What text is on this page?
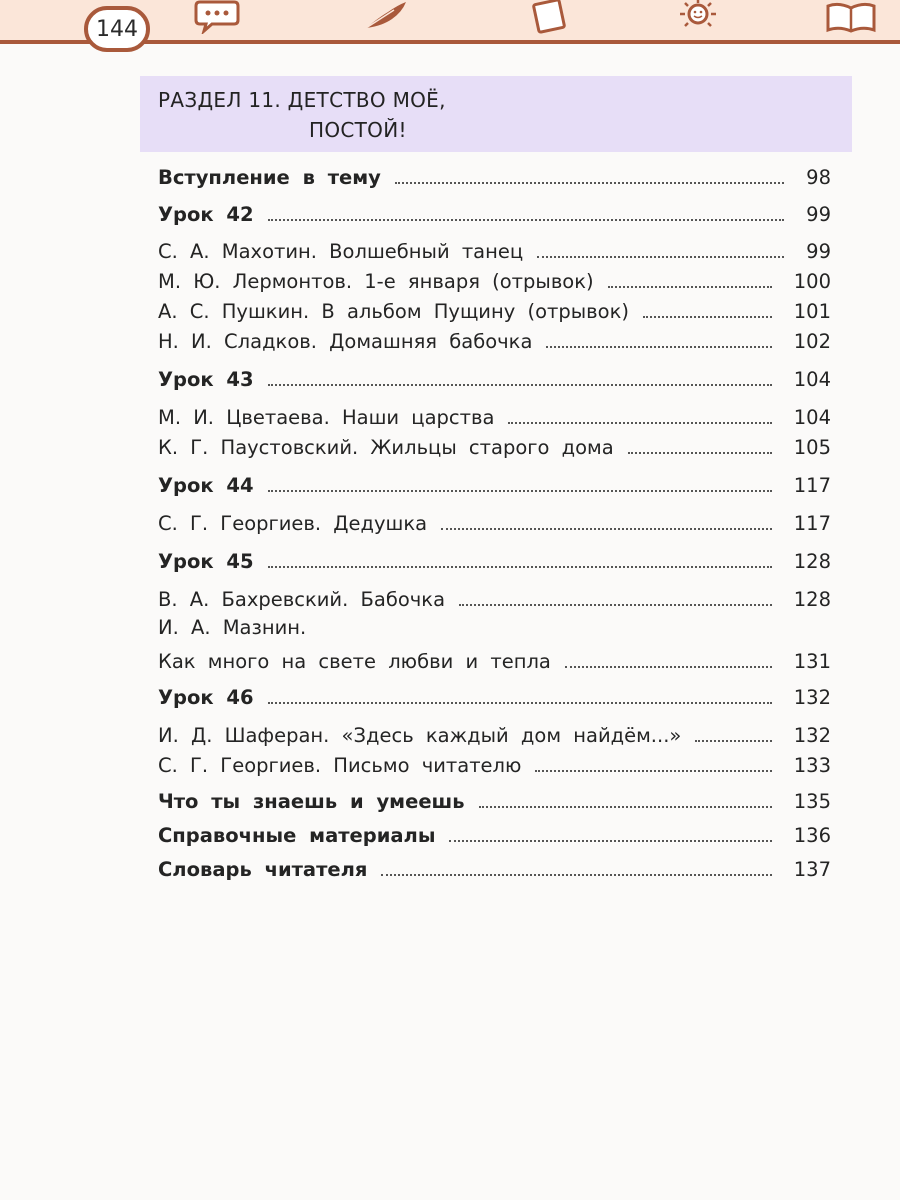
144
РАЗДЕЛ 11. ДЕТСТВО МОЁ,
ПОСТОЙ!
Вступление в тему	98
Урок 42	99
С. А. Махотин. Волшебный танец	99
М. Ю. Лермонтов. 1-е января (отрывок)	100
А. С. Пушкин. В альбом Пущину (отрывок)	101
Н. И. Сладков. Домашняя бабочка	102
Урок 43	104
М. И. Цветаева. Наши царства	104
К. Г. Паустовский. Жильцы старого дома	105
Урок 44	117
С. Г. Георгиев. Дедушка	117
Урок 45	128
В. А. Бахревский. Бабочка	128
И. А. Мазнин.
Как много на свете любви и тепла	131
Урок 46	132
И. Д. Шаферан. «Здесь каждый дом найдём...»	132
С. Г. Георгиев. Письмо читателю	133
Что ты знаешь и умеешь	135
Справочные материалы	136
Словарь читателя	137
